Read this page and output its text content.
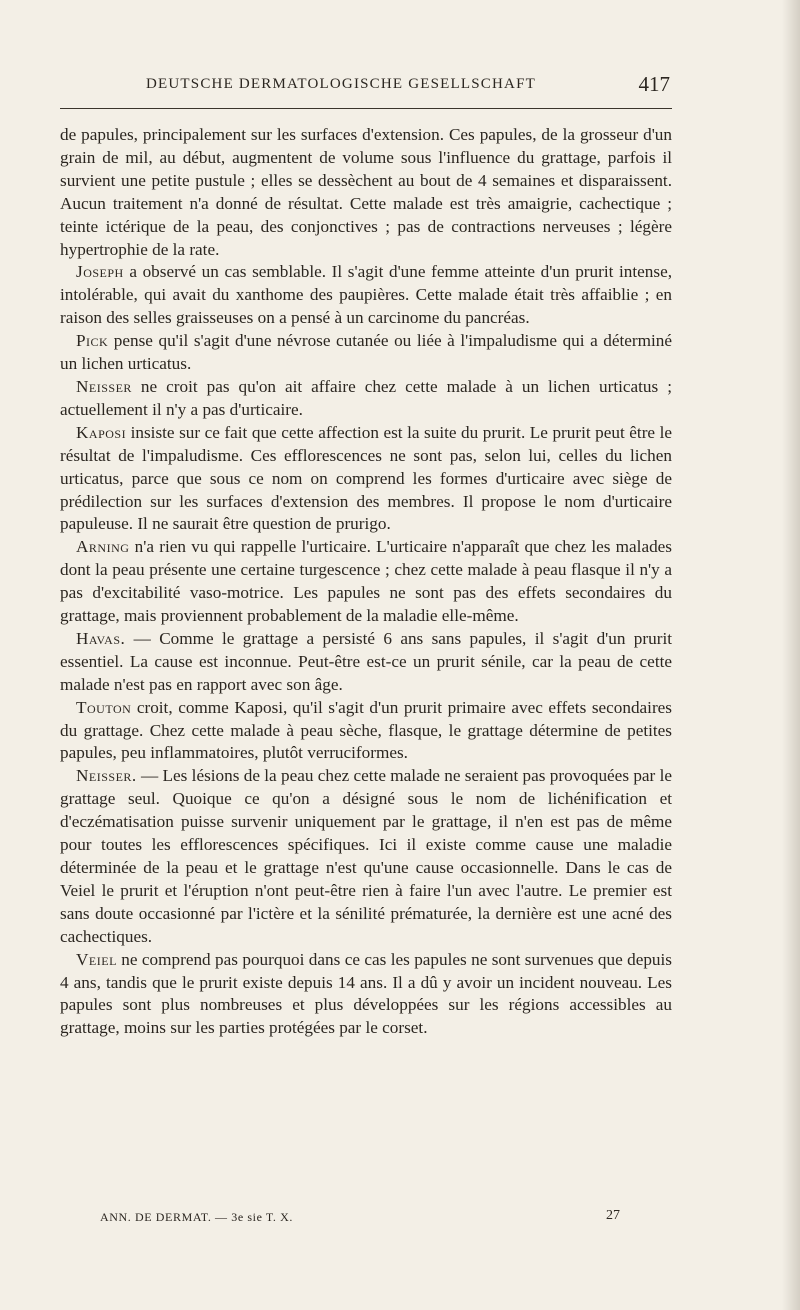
DEUTSCHE DERMATOLOGISCHE GESELLSCHAFT	417

de papules, principalement sur les surfaces d'extension. Ces papules, de la grosseur d'un grain de mil, au début, augmentent de volume sous l'influence du grattage, parfois il survient une petite pustule ; elles se dessèchent au bout de 4 semaines et disparaissent. Aucun traitement n'a donné de résultat. Cette malade est très amaigrie, cachectique ; teinte ictérique de la peau, des conjonctives ; pas de contractions nerveuses ; légère hypertrophie de la rate.

Joseph a observé un cas semblable. Il s'agit d'une femme atteinte d'un prurit intense, intolérable, qui avait du xanthome des paupières. Cette malade était très affaiblie ; en raison des selles graisseuses on a pensé à un carcinome du pancréas.

Pick pense qu'il s'agit d'une névrose cutanée ou liée à l'impaludisme qui a déterminé un lichen urticatus.

Neisser ne croit pas qu'on ait affaire chez cette malade à un lichen urticatus ; actuellement il n'y a pas d'urticaire.

Kaposi insiste sur ce fait que cette affection est la suite du prurit. Le prurit peut être le résultat de l'impaludisme. Ces efflorescences ne sont pas, selon lui, celles du lichen urticatus, parce que sous ce nom on comprend les formes d'urticaire avec siège de prédilection sur les surfaces d'extension des membres. Il propose le nom d'urticaire papuleuse. Il ne saurait être question de prurigo.

Arning n'a rien vu qui rappelle l'urticaire. L'urticaire n'apparaît que chez les malades dont la peau présente une certaine turgescence ; chez cette malade à peau flasque il n'y a pas d'excitabilité vaso-motrice. Les papules ne sont pas des effets secondaires du grattage, mais proviennent probablement de la maladie elle-même.

Havas. — Comme le grattage a persisté 6 ans sans papules, il s'agit d'un prurit essentiel. La cause est inconnue. Peut-être est-ce un prurit sénile, car la peau de cette malade n'est pas en rapport avec son âge.

Touton croit, comme Kaposi, qu'il s'agit d'un prurit primaire avec effets secondaires du grattage. Chez cette malade à peau sèche, flasque, le grattage détermine de petites papules, peu inflammatoires, plutôt verruciformes.

Neisser. — Les lésions de la peau chez cette malade ne seraient pas provoquées par le grattage seul. Quoique ce qu'on a désigné sous le nom de lichénification et d'eczématisation puisse survenir uniquement par le grattage, il n'en est pas de même pour toutes les efflorescences spécifiques. Ici il existe comme cause une maladie déterminée de la peau et le grattage n'est qu'une cause occasionnelle. Dans le cas de Veiel le prurit et l'éruption n'ont peut-être rien à faire l'un avec l'autre. Le premier est sans doute occasionné par l'ictère et la sénilité prématurée, la dernière est une acné des cachectiques.

Veiel ne comprend pas pourquoi dans ce cas les papules ne sont survenues que depuis 4 ans, tandis que le prurit existe depuis 14 ans. Il a dû y avoir un incident nouveau. Les papules sont plus nombreuses et plus développées sur les régions accessibles au grattage, moins sur les parties protégées par le corset.

ANN. DE DERMAT. — 3e sie T. X.	27
